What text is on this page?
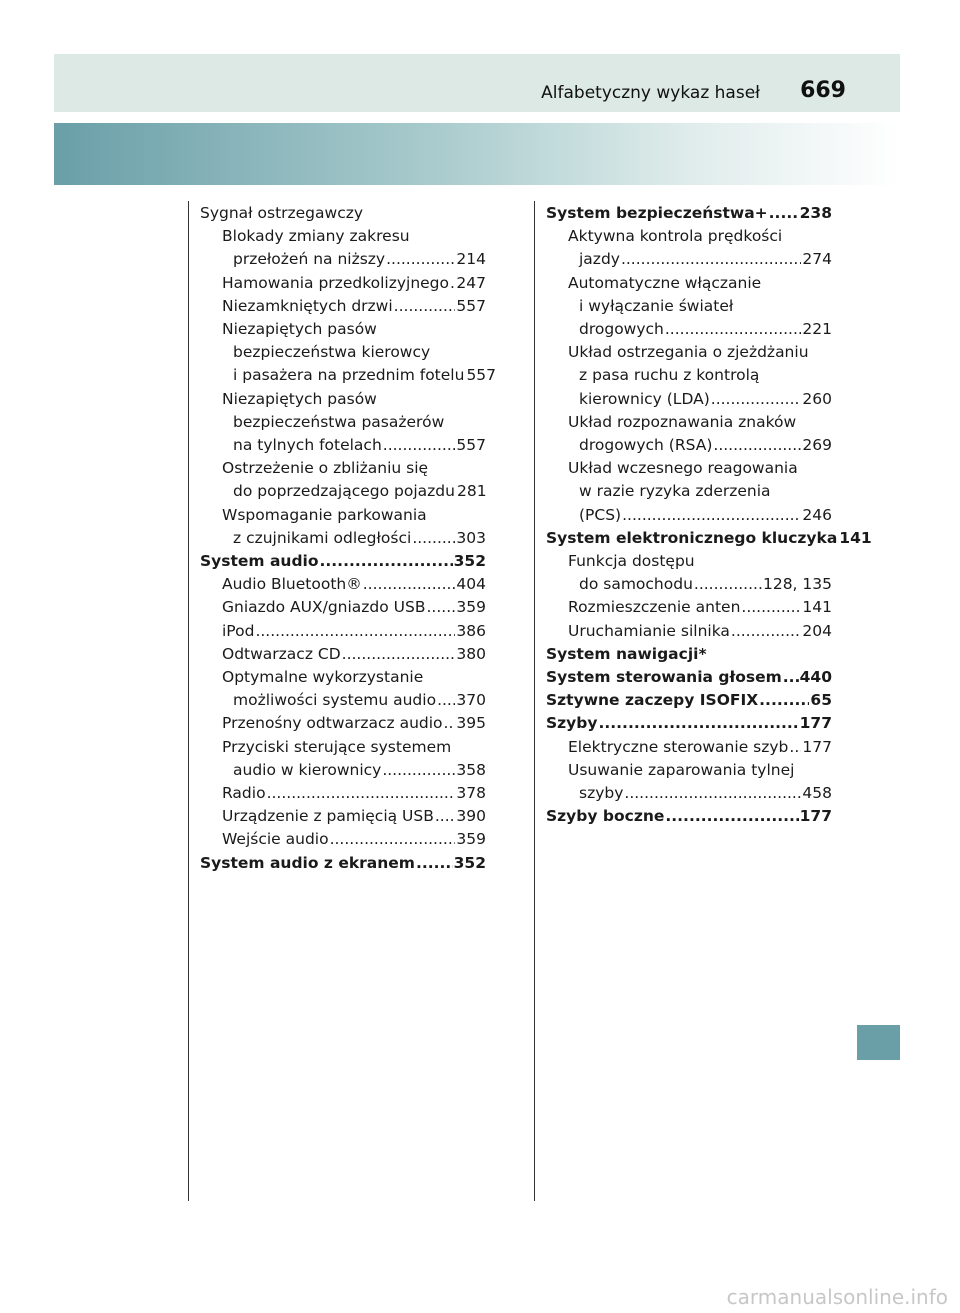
Alfabetyczny wykaz haseł 669
Sygnał ostrzegawczy
Blokady zmiany zakresu
przełożeń na niższy .....	214
Hamowania przedkolizyjnego ..... 247
Niezamkniętych drzwi .....	557
Niezapiętych pasów
bezpieczeństwa kierowcy
i pasażera na przednim fotelu 557
Niezapiętych pasów
bezpieczeństwa pasażerów
na tylnych fotelach .....	557
Ostrzeżenie o zbliżaniu się
do poprzedzającego pojazdu 281
Wspomaganie parkowania
z czujnikami odległości .....	303
System audio .....	352
Audio Bluetooth® .....	404
Gniazdo AUX/gniazdo USB ..... 359
iPod .....	386
Odtwarzacz CD .....	380
Optymalne wykorzystanie
możliwości systemu audio ..... 370
Przenośny odtwarzacz audio ..... 395
Przyciski sterujące systemem
audio w kierownicy .....	358
Radio .....	378
Urządzenie z pamięcią USB ..... 390
Wejście audio .....	359
System audio z ekranem ..... 352
System bezpieczeństwa+ ..... 238
Aktywna kontrola prędkości
jazdy .....	274
Automatyczne włączanie
i wyłączanie świateł
drogowych .....	221
Układ ostrzegania o zjeżdżaniu
z pasa ruchu z kontrolą
kierownicy (LDA) .....	260
Układ rozpoznawania znaków
drogowych (RSA) .....	269
Układ wczesnego reagowania
w razie ryzyka zderzenia
(PCS) .....	246
System elektronicznego kluczyka 141
Funkcja dostępu
do samochodu .....	128, 135
Rozmieszczenie anten .....	141
Uruchamianie silnika .....	204
System nawigacji*
System sterowania głosem ..... 440
Sztywne zaczepy ISOFIX .....	65
Szyby .....	177
Elektryczne sterowanie szyb ..... 177
Usuwanie zaparowania tylnej
szyby .....	458
Szyby boczne .....	177
carmanualsonline.info
